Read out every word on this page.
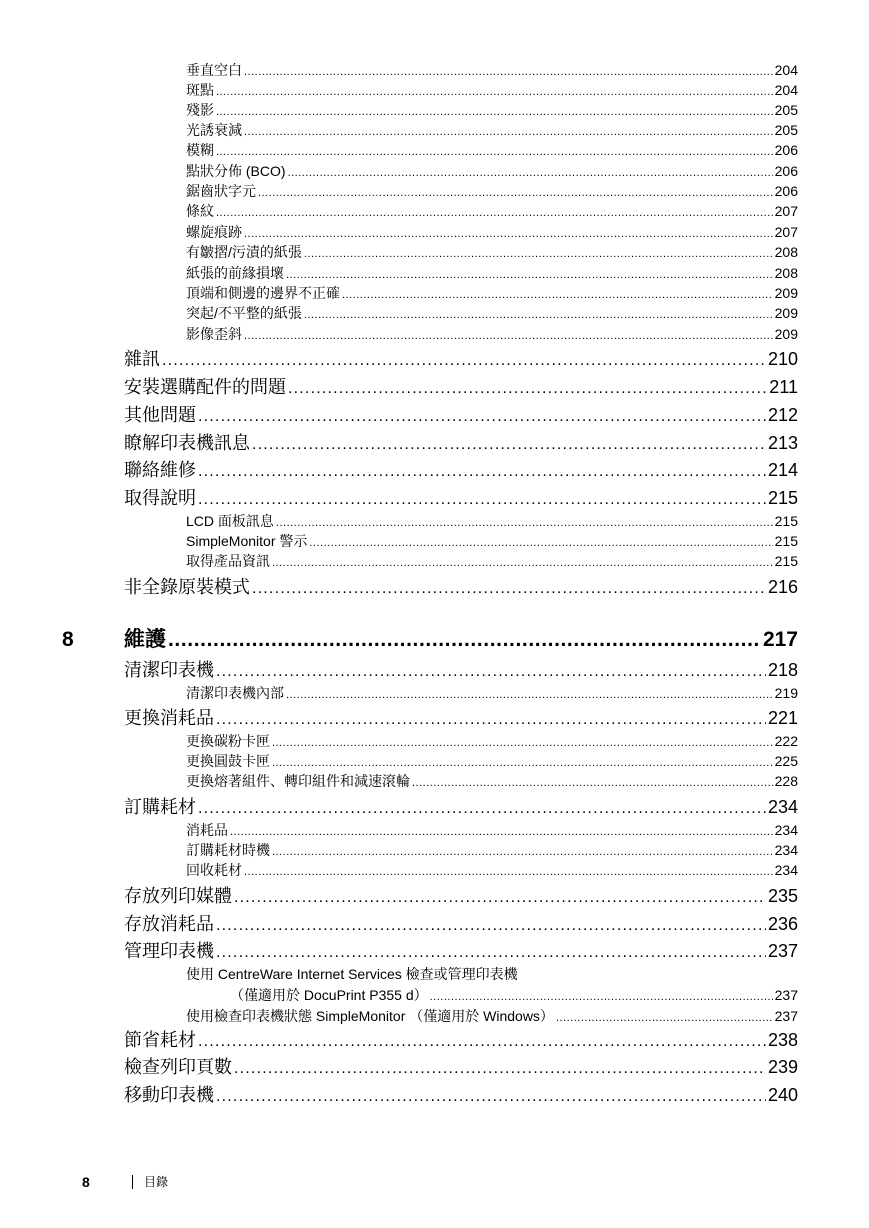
垂直空白 .....	204
斑點 .....	204
殘影 .....	205
光誘衰減 .....	205
模糊 .....	206
點狀分佈 (BCO) .....	206
鋸齒狀字元 .....	206
條紋 .....	207
螺旋痕跡 .....	207
有皺摺/污漬的紙張 .....	208
紙張的前緣損壞 .....	208
頂端和側邊的邊界不正確 .....	209
突起/不平整的紙張 .....	209
影像歪斜 .....	209
雜訊 .....	210
安裝選購配件的問題 .....	211
其他問題 .....	212
瞭解印表機訊息 .....	213
聯絡維修 .....	214
取得說明 .....	215
LCD 面板訊息 .....	215
SimpleMonitor 警示 .....	215
取得產品資訊 .....	215
非全錄原裝模式 .....	216
8 維護 .....	217
清潔印表機 .....	218
清潔印表機內部 .....	219
更換消耗品 .....	221
更換碳粉卡匣 .....	222
更換圓鼓卡匣 .....	225
更換熔著組件、轉印組件和減速滾輪 .....	228
訂購耗材 .....	234
消耗品 .....	234
訂購耗材時機 .....	234
回收耗材 .....	234
存放列印媒體 .....	235
存放消耗品 .....	236
管理印表機 .....	237
使用 CentreWare Internet Services 檢查或管理印表機
（僅適用於 DocuPrint P355 d） .....	237
使用檢查印表機狀態 SimpleMonitor （僅適用於 Windows） .....	237
節省耗材 .....	238
檢查列印頁數 .....	239
移動印表機 .....	240
8	目錄
